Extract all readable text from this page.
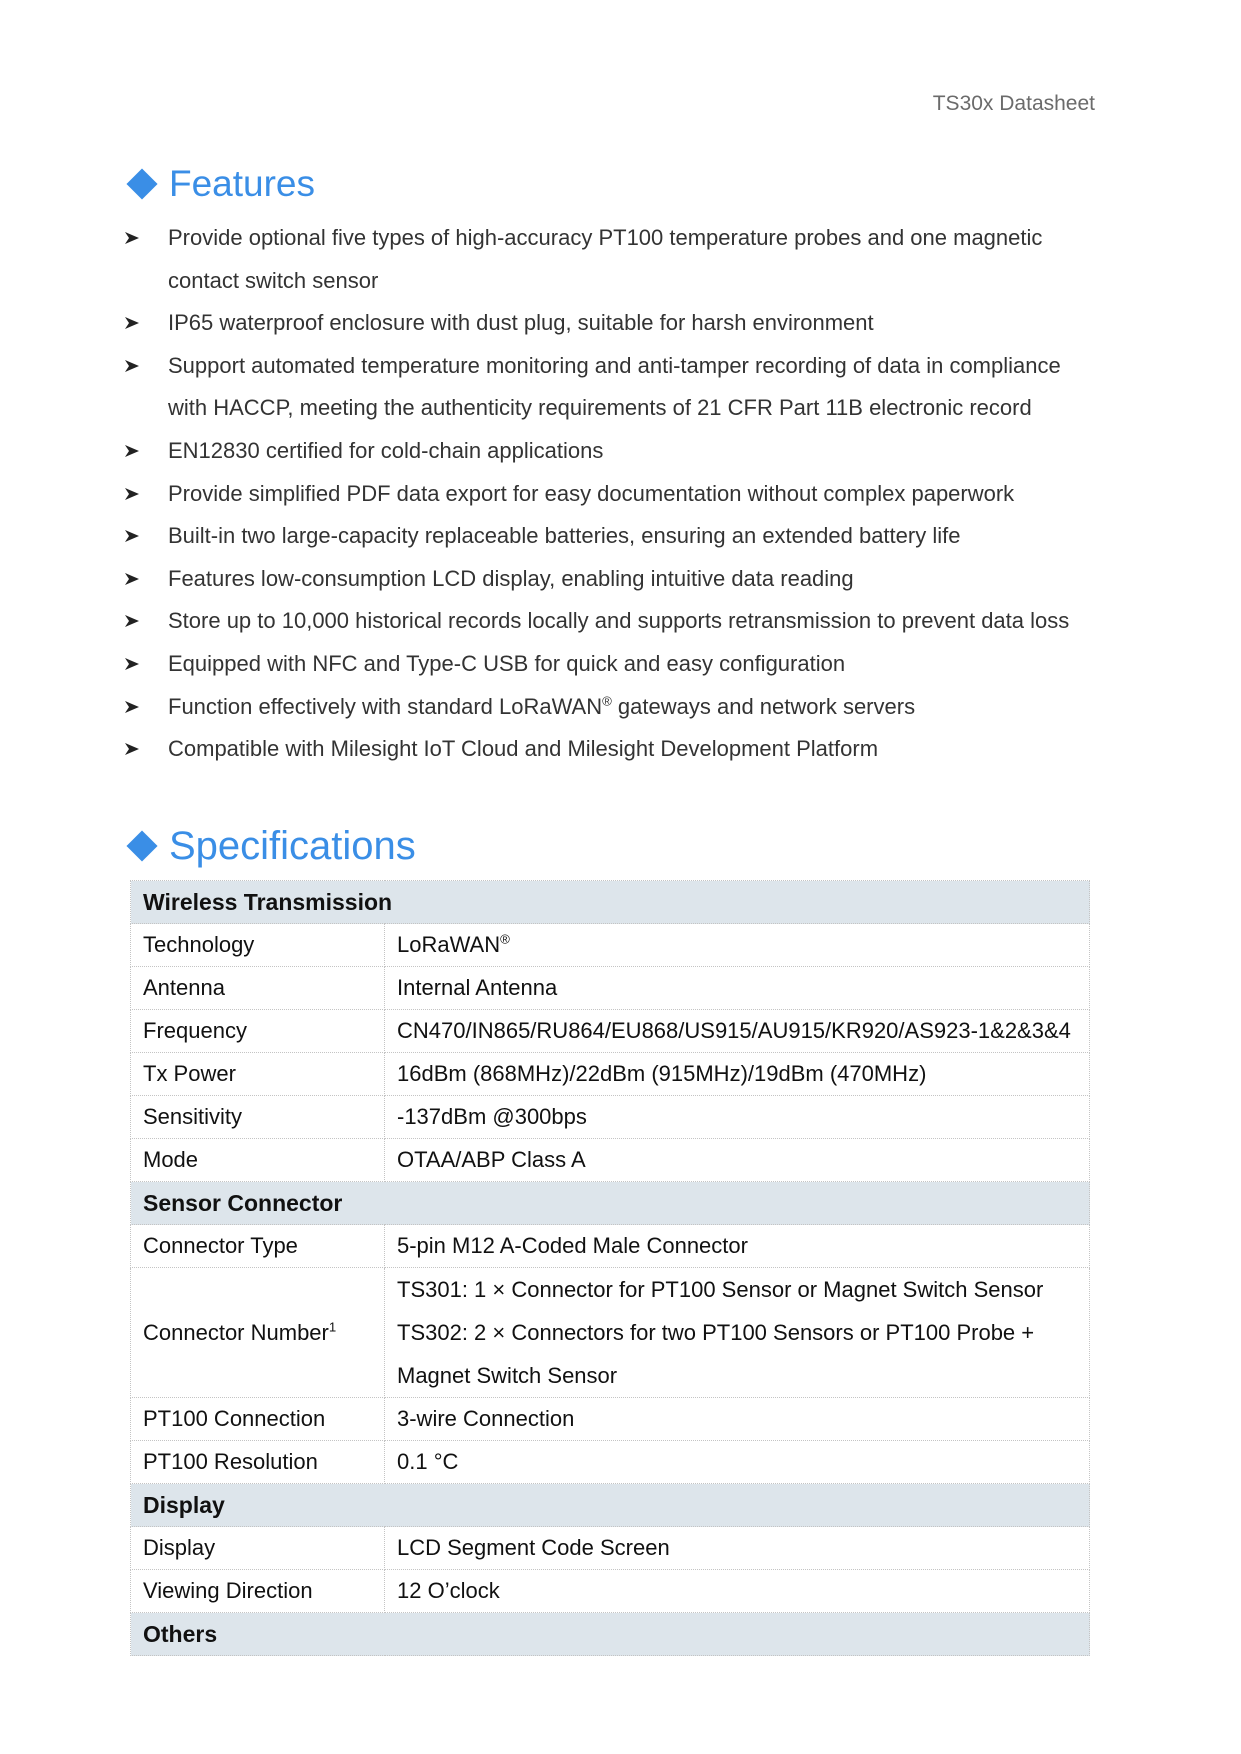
TS30x Datasheet
Features
Provide optional five types of high-accuracy PT100 temperature probes and one magnetic contact switch sensor
IP65 waterproof enclosure with dust plug, suitable for harsh environment
Support automated temperature monitoring and anti-tamper recording of data in compliance with HACCP, meeting the authenticity requirements of 21 CFR Part 11B electronic record
EN12830 certified for cold-chain applications
Provide simplified PDF data export for easy documentation without complex paperwork
Built-in two large-capacity replaceable batteries, ensuring an extended battery life
Features low-consumption LCD display, enabling intuitive data reading
Store up to 10,000 historical records locally and supports retransmission to prevent data loss
Equipped with NFC and Type-C USB for quick and easy configuration
Function effectively with standard LoRaWAN® gateways and network servers
Compatible with Milesight IoT Cloud and Milesight Development Platform
Specifications
Wireless Transmission	
Technology	LoRaWAN®
Antenna	Internal Antenna
Frequency	CN470/IN865/RU864/EU868/US915/AU915/KR920/AS923-1&2&3&4
Tx Power	16dBm (868MHz)/22dBm (915MHz)/19dBm (470MHz)
Sensitivity	-137dBm @300bps
Mode	OTAA/ABP Class A
Sensor Connector	
Connector Type	5-pin M12 A-Coded Male Connector
Connector Number$^1$	TS301: 1 × Connector for PT100 Sensor or Magnet Switch Sensor
TS302: 2 × Connectors for two PT100 Sensors or PT100 Probe + Magnet Switch Sensor

PT100 Connection	3-wire Connection
PT100 Resolution	0.1 °C
Display	
Display	LCD Segment Code Screen
Viewing Direction	12 O’clock
Others	
